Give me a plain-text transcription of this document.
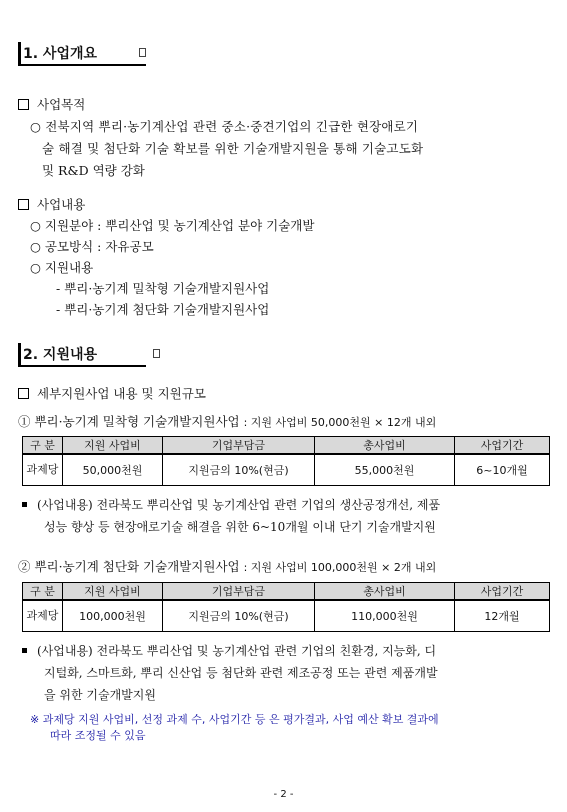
1. 사업개요
사업목적
○ 전북지역 뿌리·농기계산업 관련 중소·중견기업의 긴급한 현장애로기
술 해결 및 첨단화 기술 확보를 위한 기술개발지원을 통해 기술고도화
및 R&D 역량 강화
사업내용
○ 지원분야 : 뿌리산업 및 농기계산업 분야 기술개발
○ 공모방식 : 자유공모
○ 지원내용
- 뿌리·농기계 밀착형 기술개발지원사업
- 뿌리·농기계 첨단화 기술개발지원사업
2. 지원내용
세부지원사업 내용 및 지원규모
① 뿌리·농기계 밀착형 기술개발지원사업 : 지원 사업비 50,000천원 × 12개 내외
구 분	지원 사업비	기업부담금	총사업비	사업기간
과제당	50,000천원	지원금의 10%(현금)	55,000천원	6~10개월
(사업내용) 전라북도 뿌리산업 및 농기계산업 관련 기업의 생산공정개선, 제품
성능 향상 등 현장애로기술 해결을 위한 6~10개월 이내 단기 기술개발지원
② 뿌리·농기계 첨단화 기술개발지원사업 : 지원 사업비 100,000천원 × 2개 내외
구 분	지원 사업비	기업부담금	총사업비	사업기간
과제당	100,000천원	지원금의 10%(현금)	110,000천원	12개월
(사업내용) 전라북도 뿌리산업 및 농기계산업 관련 기업의 친환경, 지능화, 디
지털화, 스마트화, 뿌리 신산업 등 첨단화 관련 제조공정 또는 관련 제품개발
을 위한 기술개발지원
※ 과제당 지원 사업비, 선정 과제 수, 사업기간 등 은 평가결과, 사업 예산 확보 결과에
따라 조정될 수 있음
- 2 -
